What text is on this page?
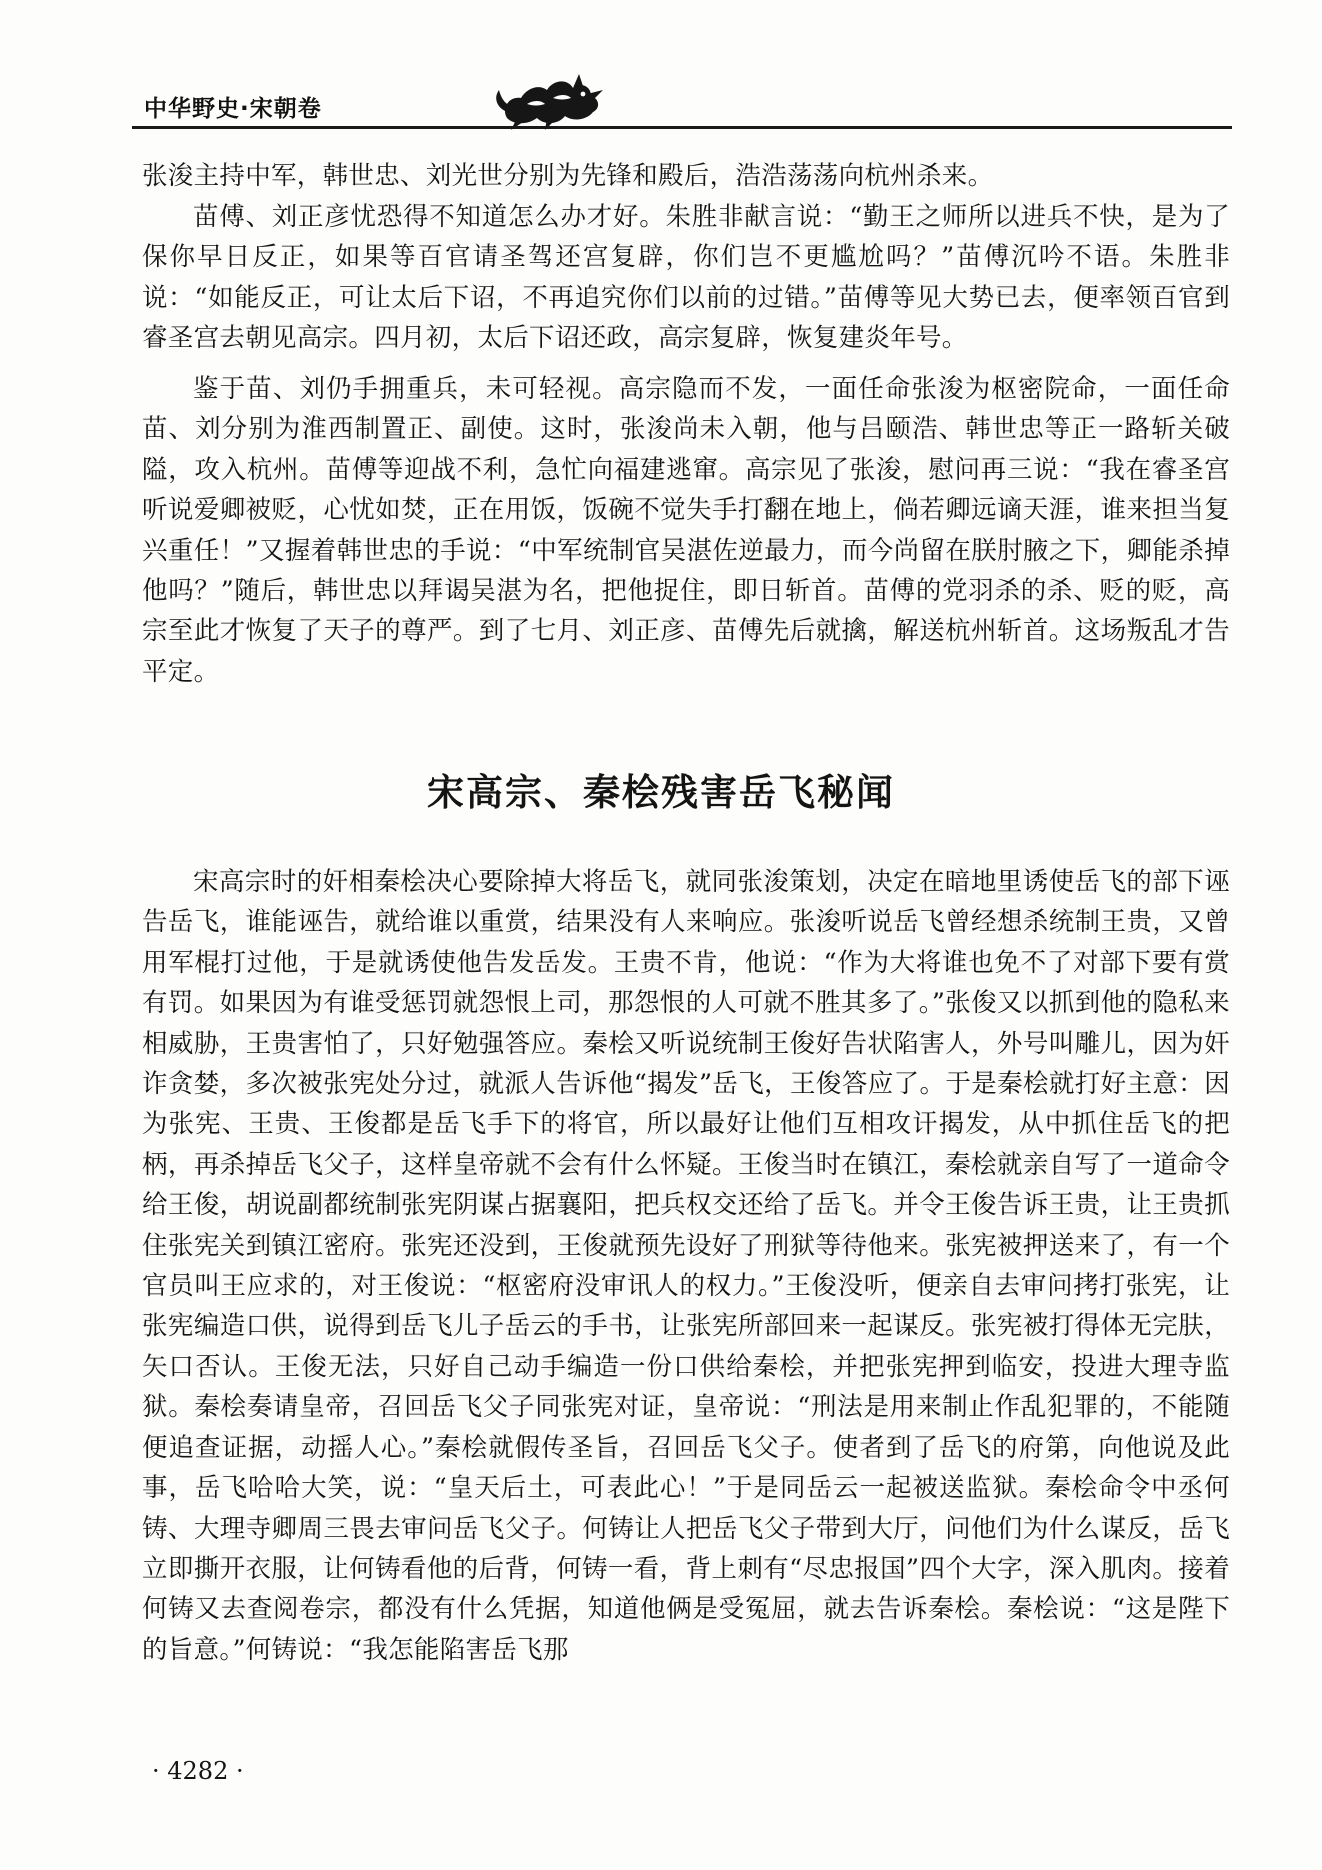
中华野史·宋朝卷

张浚主持中军，韩世忠、刘光世分别为先锋和殿后，浩浩荡荡向杭州杀来。

苗傅、刘正彦忧恐得不知道怎么办才好。朱胜非献言说：“勤王之师所以进兵不快，是为了保你早日反正，如果等百官请圣驾还宫复辟，你们岂不更尴尬吗？”苗傅沉吟不语。朱胜非说：“如能反正，可让太后下诏，不再追究你们以前的过错。”苗傅等见大势已去，便率领百官到睿圣宫去朝见高宗。四月初，太后下诏还政，高宗复辟，恢复建炎年号。

鉴于苗、刘仍手拥重兵，未可轻视。高宗隐而不发，一面任命张浚为枢密院命，一面任命苗、刘分别为淮西制置正、副使。这时，张浚尚未入朝，他与吕颐浩、韩世忠等正一路斩关破隘，攻入杭州。苗傅等迎战不利，急忙向福建逃窜。高宗见了张浚，慰问再三说：“我在睿圣宫听说爱卿被贬，心忧如焚，正在用饭，饭碗不觉失手打翻在地上，倘若卿远谪天涯，谁来担当复兴重任！”又握着韩世忠的手说：“中军统制官吴湛佐逆最力，而今尚留在朕肘腋之下，卿能杀掉他吗？”随后，韩世忠以拜谒吴湛为名，把他捉住，即日斩首。苗傅的党羽杀的杀、贬的贬，高宗至此才恢复了天子的尊严。到了七月、刘正彦、苗傅先后就擒，解送杭州斩首。这场叛乱才告平定。

宋高宗、秦桧残害岳飞秘闻

宋高宗时的奸相秦桧决心要除掉大将岳飞，就同张浚策划，决定在暗地里诱使岳飞的部下诬告岳飞，谁能诬告，就给谁以重赏，结果没有人来响应。张浚听说岳飞曾经想杀统制王贵，又曾用军棍打过他，于是就诱使他告发岳发。王贵不肯，他说：“作为大将谁也免不了对部下要有赏有罚。如果因为有谁受惩罚就怨恨上司，那怨恨的人可就不胜其多了。”张俊又以抓到他的隐私来相威胁，王贵害怕了，只好勉强答应。秦桧又听说统制王俊好告状陷害人，外号叫雕儿，因为奸诈贪婪，多次被张宪处分过，就派人告诉他“揭发”岳飞，王俊答应了。于是秦桧就打好主意：因为张宪、王贵、王俊都是岳飞手下的将官，所以最好让他们互相攻讦揭发，从中抓住岳飞的把柄，再杀掉岳飞父子，这样皇帝就不会有什么怀疑。王俊当时在镇江，秦桧就亲自写了一道命令给王俊，胡说副都统制张宪阴谋占据襄阳，把兵权交还给了岳飞。并令王俊告诉王贵，让王贵抓住张宪关到镇江密府。张宪还没到，王俊就预先设好了刑狱等待他来。张宪被押送来了，有一个官员叫王应求的，对王俊说：“枢密府没审讯人的权力。”王俊没听，便亲自去审问拷打张宪，让张宪编造口供，说得到岳飞儿子岳云的手书，让张宪所部回来一起谋反。张宪被打得体无完肤，矢口否认。王俊无法，只好自己动手编造一份口供给秦桧，并把张宪押到临安，投进大理寺监狱。秦桧奏请皇帝，召回岳飞父子同张宪对证，皇帝说：“刑法是用来制止作乱犯罪的，不能随便追查证据，动摇人心。”秦桧就假传圣旨，召回岳飞父子。使者到了岳飞的府第，向他说及此事，岳飞哈哈大笑，说：“皇天后土，可表此心！”于是同岳云一起被送监狱。秦桧命令中丞何铸、大理寺卿周三畏去审问岳飞父子。何铸让人把岳飞父子带到大厅，问他们为什么谋反，岳飞立即撕开衣服，让何铸看他的后背，何铸一看，背上刺有“尽忠报国”四个大字，深入肌肉。接着何铸又去查阅卷宗，都没有什么凭据，知道他俩是受冤屈，就去告诉秦桧。秦桧说：“这是陛下的旨意。”何铸说：“我怎能陷害岳飞那

· 4282 ·
